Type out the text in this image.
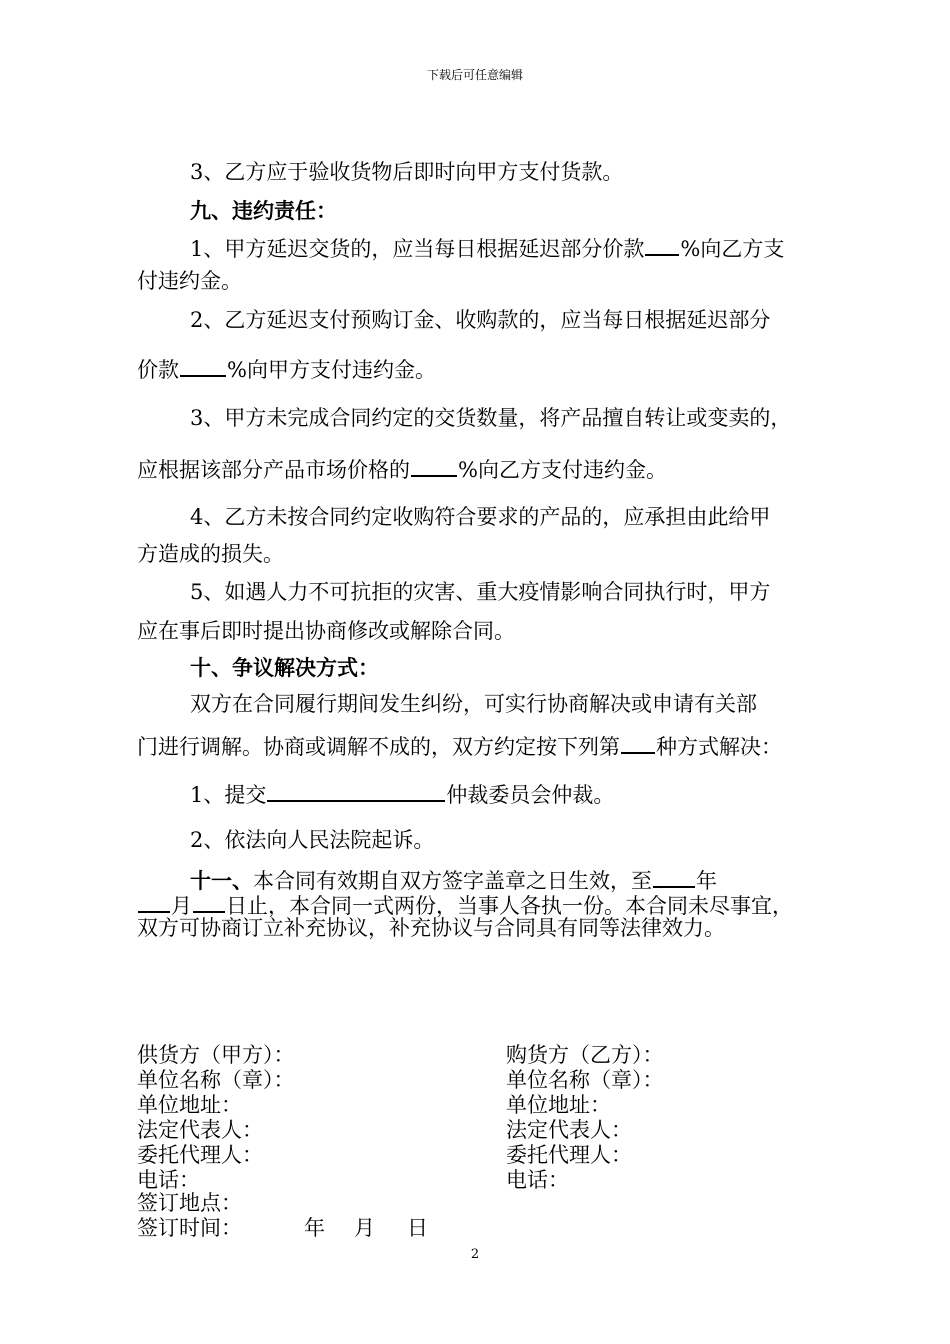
下载后可任意编辑
3、乙方应于验收货物后即时向甲方支付货款。
九、违约责任：
1、甲方延迟交货的，应当每日根据延迟部分价款 %向乙方支
付违约金。
2、乙方延迟支付预购订金、收购款的，应当每日根据延迟部分
价款 %向甲方支付违约金。
3、甲方未完成合同约定的交货数量，将产品擅自转让或变卖的，
应根据该部分产品市场价格的 %向乙方支付违约金。
4、乙方未按合同约定收购符合要求的产品的，应承担由此给甲
方造成的损失。
5、如遇人力不可抗拒的灾害、重大疫情影响合同执行时，甲方
应在事后即时提出协商修改或解除合同。
十、争议解决方式：
双方在合同履行期间发生纠纷，可实行协商解决或申请有关部
门进行调解。协商或调解不成的，双方约定按下列第 种方式解决：
1、提交	仲裁委员会仲裁。
2、依法向人民法院起诉。
十一、本合同有效期自双方签字盖章之日生效，至 年
月 日止，本合同一式两份，当事人各执一份。本合同未尽事宜，
双方可协商订立补充协议，补充协议与合同具有同等法律效力。
供货方（甲方）：
单位名称（章）：
单位地址：
法定代表人：
委托代理人：
电话：
购货方（乙方）：
单位名称（章）：
单位地址：
法定代表人：
委托代理人：
电话：
签订地点：
签订时间：	年 月 日
2
